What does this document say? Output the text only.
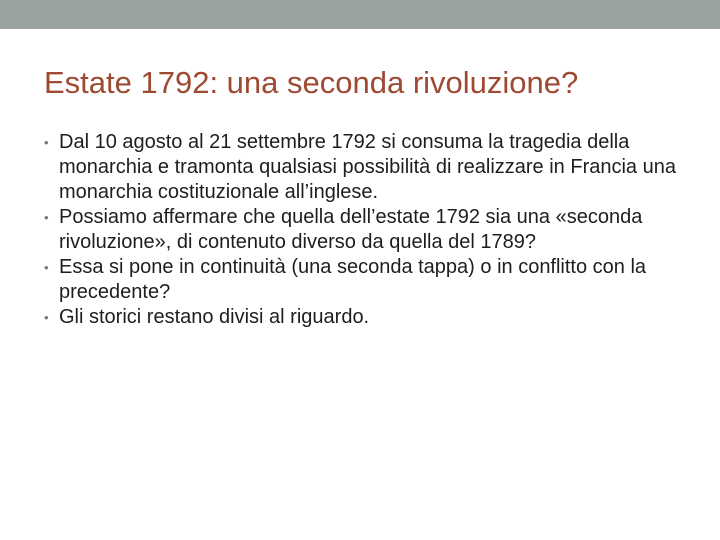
Estate 1792: una seconda rivoluzione?
• Dal 10 agosto al 21 settembre 1792 si consuma la tragedia della monarchia e tramonta qualsiasi possibilità di realizzare in Francia una monarchia costituzionale all’inglese.
• Possiamo affermare che quella dell’estate 1792 sia una «seconda rivoluzione», di contenuto diverso da quella del 1789?
• Essa si pone in continuità (una seconda tappa) o in conflitto con la precedente?
• Gli storici restano divisi al riguardo.
